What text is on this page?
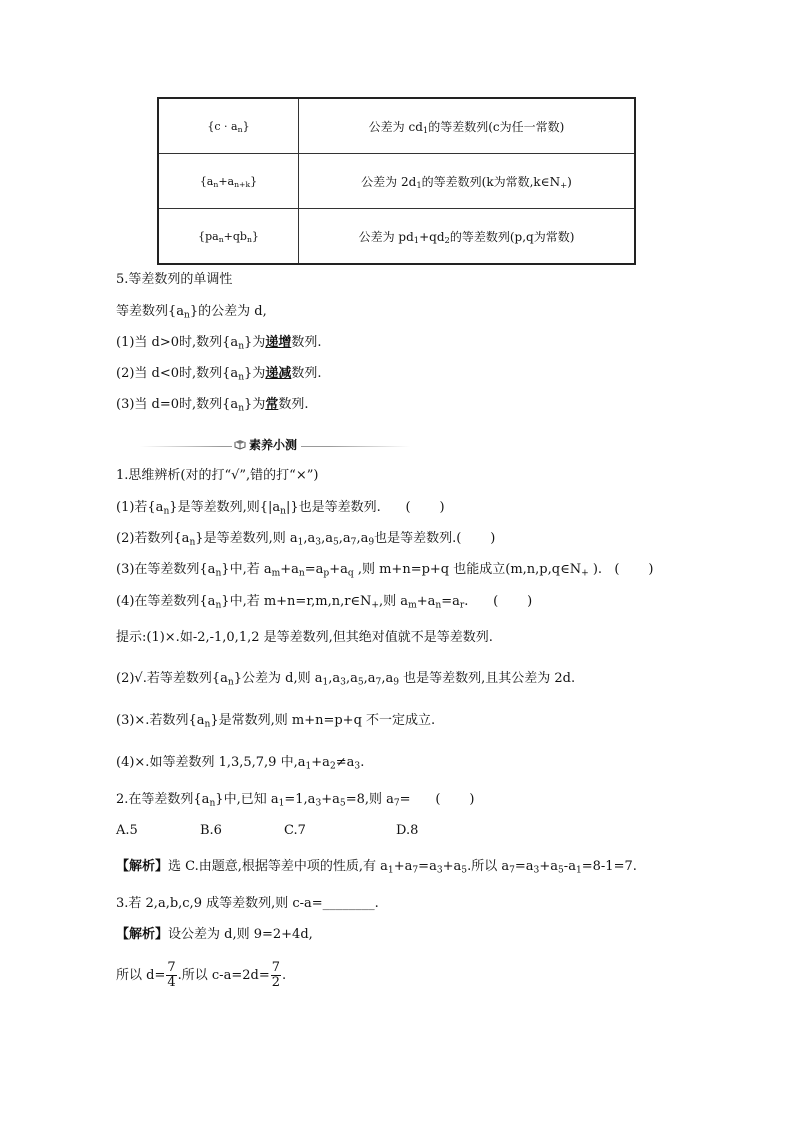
$\{c \cdot a_n\}$	公差为 $cd_1$的等差数列(c为任一常数)
$\{a_n+a_{n+k}\}$	公差为 $2d_1$的等差数列(k为常数$,k\in N_+$)
$\{pa_n+qb_n\}$	公差为 $pd_1+qd_2$的等差数列(p,q为常数)
5.等差数列的单调性
等差数列$\{a_n\}$的公差为 d,
(1)当 d>0时,数列$\{a_n\}$为递增数列.
(2)当 d<0时,数列$\{a_n\}$为递减数列.
(3)当 d=0时,数列$\{a_n\}$为常数列.
素养小测
1.思维辨析(对的打“√”,错的打“×”)
(1)若$\{a_n\}$是等差数列,则$\{|a_n|\}$也是等差数列.      (       )
(2)若数列$\{a_n\}$是等差数列,则 $a_1,a_3,a_5,a_7,a_9$也是等差数列.(       )
(3)在等差数列$\{a_n\}$中,若 $a_m+a_n=a_p+a_q$ ,则 m+n=p+q 也能成立($m,n,p,q\in N_+$ ).   (       )
(4)在等差数列$\{a_n\}$中,若 $m+n=r,m,n,r\in N_+$,则 $a_m+a_n=a_r$.      (       )
提示:(1)×.如-2,-1,0,1,2 是等差数列,但其绝对值就不是等差数列.
(2)√.若等差数列$\{a_n\}$公差为 d,则 $a_1,a_3,a_5,a_7,a_9$ 也是等差数列,且其公差为 2d.
(3)×.若数列$\{a_n\}$是常数列,则 m+n=p+q 不一定成立.
(4)×.如等差数列 1,3,5,7,9 中$,a_1+a_2\ne a_3$.
2.在等差数列$\{a_n\}$中,已知 $a_1=1,a_3+a_5=8$,则 $a_7=$      (       )
A.5	B.6	C.7	D.8
【解析】选 C.由题意,根据等差中项的性质,有 $a_1+a_7=a_3+a_5$.所以 $a_7=a_3+a_5-a_1=8-1=7$.
3.若 2,a,b,c,9 成等差数列,则 c-a=________.
【解析】设公差为 d,则 9=2+4d,
所以 $d= \frac{7}{4}$ .所以 $c-a=2d= \frac{7}{2}$ .
